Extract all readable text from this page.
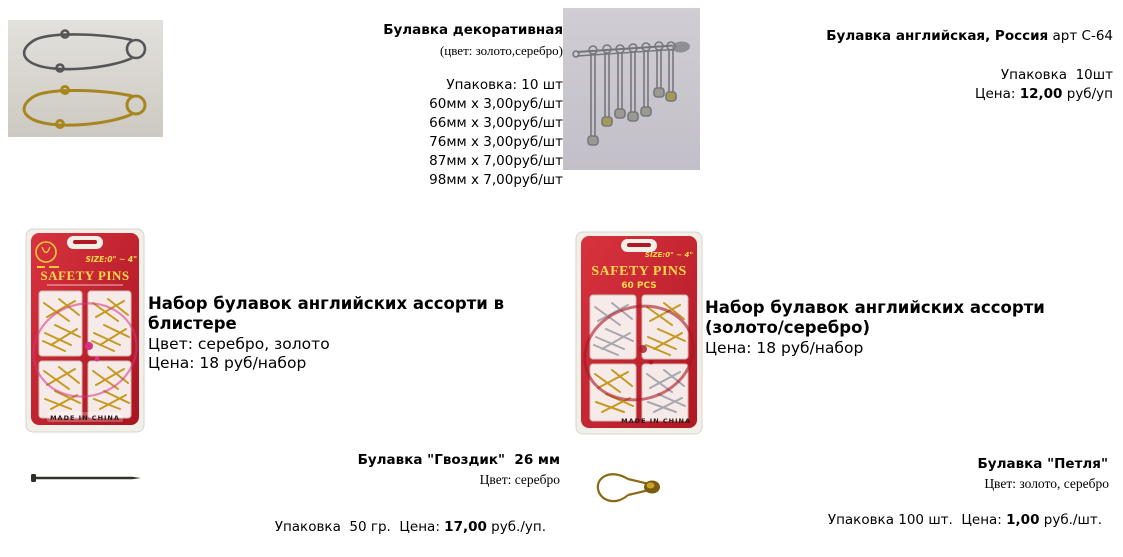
Булавка декоративная
(цвет: золото,серебро)
Упаковка: 10 шт
60мм х 3,00руб/шт
66мм х 3,00руб/шт
76мм х 3,00руб/шт
87мм х 7,00руб/шт
98мм х 7,00руб/шт
Булавка английская, Россия арт С-64
Упаковка  10шт
Цена: 12,00 руб/уп
SIZE:0" ~ 4"
SAFETY PINS
MADE IN CHINA
Набор булавок английских ассорти в
блистере
Цвет: серебро, золото
Цена: 18 руб/набор
SIZE:0" ~ 4"
SAFETY PINS
60 PCS
MADE IN CHINA
Набор булавок английских ассорти
(золото/серебро)
Цена: 18 руб/набор
Булавка "Гвоздик"  26 мм
Цвет: серебро
Упаковка  50 гр.  Цена: 17,00 руб./уп.
Булавка "Петля"
Цвет: золото, серебро
Упаковка 100 шт.  Цена: 1,00 руб./шт.
